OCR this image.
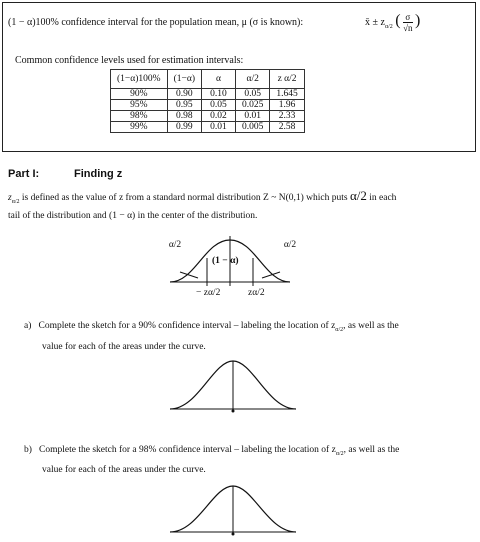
(1 − α)100% confidence interval for the population mean, μ (σ is known):	x̄ ± $z_{\alpha/2}$ ( $\frac{\sigma}{√n}$ )
Common confidence levels used for estimation intervals:
(1−α)100%	(1−α)	α	α/2	z α/2
90%	0.90	0.10	0.05	1.645
95%	0.95	0.05	0.025	1.96
98%	0.98	0.02	0.01	2.33
99%	0.99	0.01	0.005	2.58
Part I:	Finding z
$z_{\alpha/2}$ is defined as the value of z from a standard normal distribution Z ~ N(0,1) which puts α/2 in each
tail of the distribution and (1 − α) in the center of the distribution.
α/2	α/2
(1 − α)
− zα/2	zα/2
a) Complete the sketch for a 90% confidence interval – labeling the location of $z_{\alpha/2}$, as well as the
value for each of the areas under the curve.
b) Complete the sketch for a 98% confidence interval – labeling the location of $z_{\alpha/2}$, as well as the
value for each of the areas under the curve.
